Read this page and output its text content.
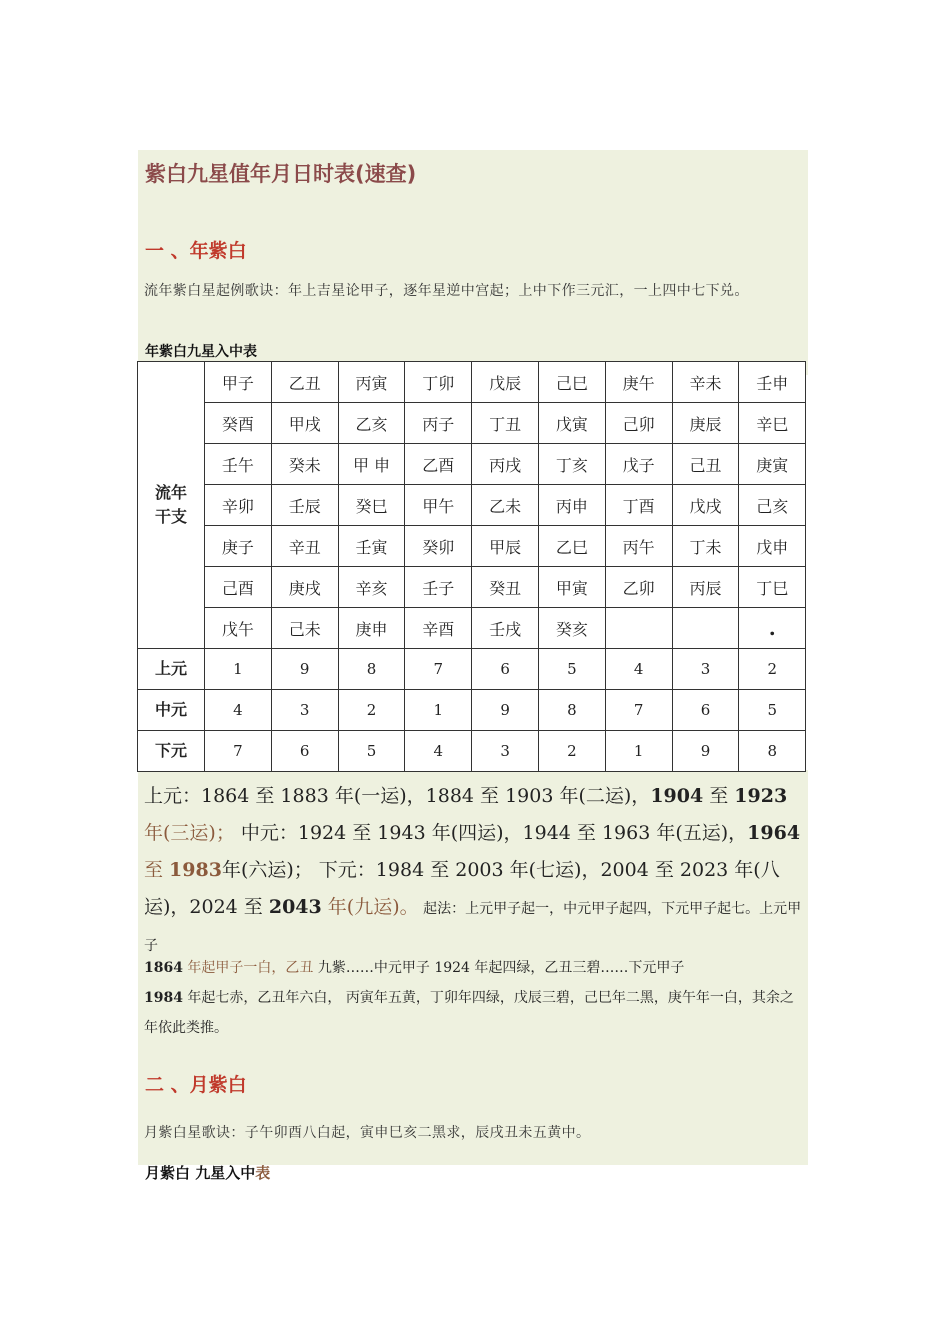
紫白九星值年月日时表(速查)
一 、年紫白
流年紫白星起例歌诀：年上吉星论甲子，逐年星逆中宫起；上中下作三元汇，一上四中七下兑。
年紫白九星入中表
流年
干支	甲子	乙丑	丙寅	丁卯	戊辰	己巳	庚午	辛未	壬申
	癸酉	甲戌	乙亥	丙子	丁丑	戊寅	己卯	庚辰	辛巳
	壬午	癸未	甲 申	乙酉	丙戌	丁亥	戊子	己丑	庚寅
	辛卯	壬辰	癸巳	甲午	乙未	丙申	丁酉	戊戌	己亥
	庚子	辛丑	壬寅	癸卯	甲辰	乙巳	丙午	丁未	戊申
	己酉	庚戌	辛亥	壬子	癸丑	甲寅	乙卯	丙辰	丁巳
	戊午	己未	庚申	辛酉	壬戌	癸亥			.
上元	1	9	8	7	6	5	4	3	2
中元	4	3	2	1	9	8	7	6	5
下元	7	6	5	4	3	2	1	9	8
上元：1864 至 1883 年(一运)，1884 至 1903 年(二运)，1904 至 1923 年(三运)； 中元：1924 至 1943 年(四运)，1944 至 1963 年(五运)，1964 至 1983年(六运)； 下元：1984 至 2003 年(七运)，2004 至 2023 年(八运)，2024 至 2043 年(九运)。 起法：上元甲子起一，中元甲子起四，下元甲子起七。上元甲子
1864 年起甲子一白，乙丑 九紫……中元甲子 1924 年起四绿，乙丑三碧……下元甲子
1984 年起七赤，乙丑年六白， 丙寅年五黄，丁卯年四绿，戊辰三碧，己巳年二黑，庚午年一白，其余之年依此类推。
二 、月紫白
月紫白星歌诀：子午卯酉八白起，寅申巳亥二黑求，辰戌丑未五黄中。
月紫白 九星入中表
